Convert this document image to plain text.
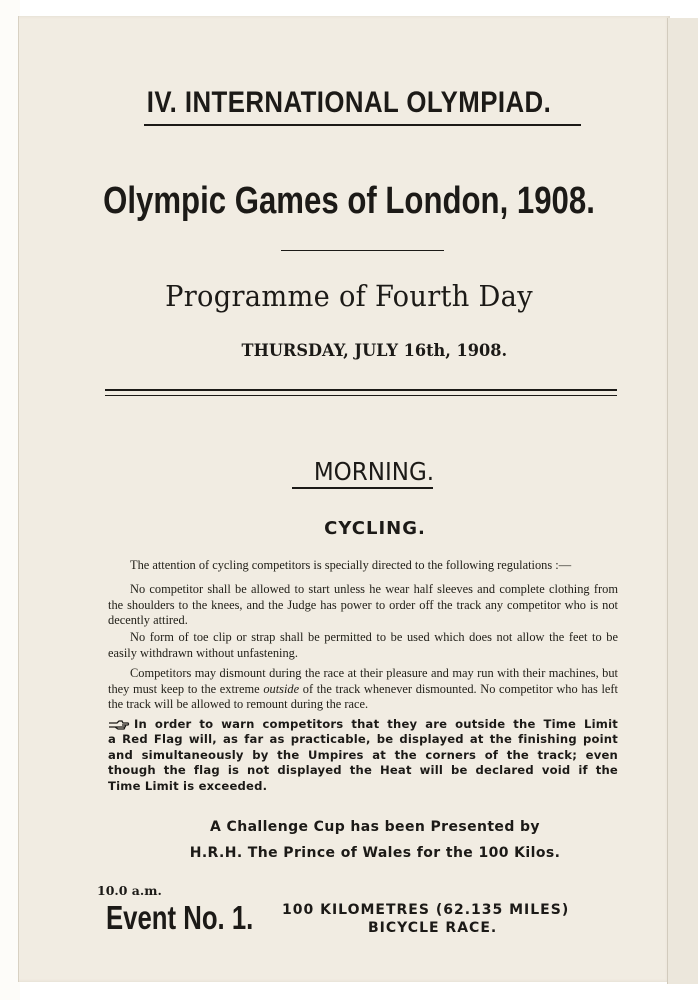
IV. INTERNATIONAL OLYMPIAD.
Olympic Games of London, 1908.
Programme of Fourth Day
THURSDAY, JULY 16th, 1908.
MORNING.
CYCLING.
The attention of cycling competitors is specially directed to the following regulations :—
No competitor shall be allowed to start unless he wear half sleeves and complete clothing from the shoulders to the knees, and the Judge has power to order off the track any competitor who is not decently attired.
No form of toe clip or strap shall be permitted to be used which does not allow the feet to be easily withdrawn without unfastening.
Competitors may dismount during the race at their pleasure and may run with their machines, but they must keep to the extreme outside of the track whenever dismounted. No competitor who has left the track will be allowed to remount during the race.
In order to warn competitors that they are outside the Time Limit
a Red Flag will, as far as practicable, be displayed at the finishing point
and simultaneously by the Umpires at the corners of the track; even
though the flag is not displayed the Heat will be declared void if the
Time Limit is exceeded.
A Challenge Cup has been Presented by
H.R.H. The Prince of Wales for the 100 Kilos.
10.0 a.m.
Event No. 1. 100 KILOMETRES (62.135 MILES)
BICYCLE RACE.
